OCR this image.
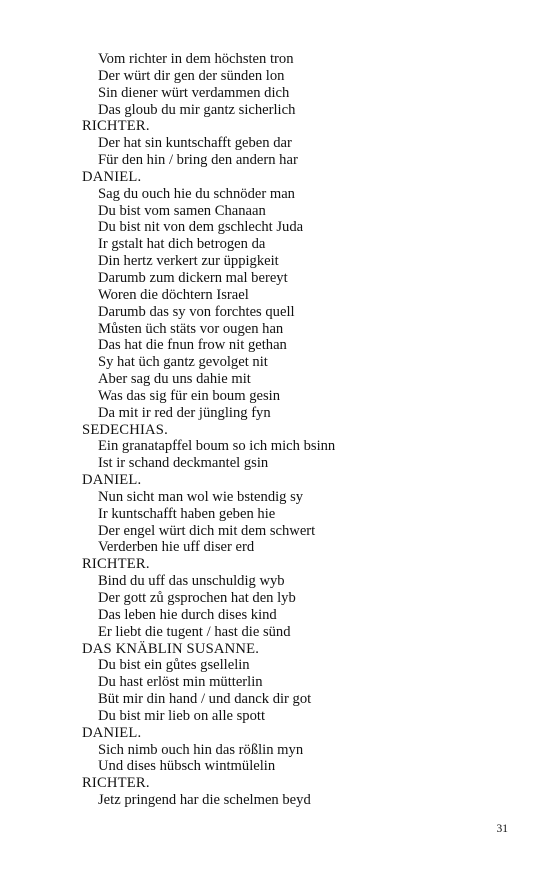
Vom richter in dem höchsten tron
Der würt dir gen der sünden lon
Sin diener würt verdammen dich
Das gloub du mir gantz sicherlich
RICHTER.
Der hat sin kuntschafft geben dar
Für den hin / bring den andern har
DANIEL.
Sag du ouch hie du schnöder man
Du bist vom samen Chanaan
Du bist nit von dem gschlecht Juda
Ir gstalt hat dich betrogen da
Din hertz verkert zur üppigkeit
Darumb zum dickern mal bereyt
Woren die döchtern Israel
Darumb das sy von forchtes quell
Můsten üch stäts vor ougen han
Das hat die fnun frow nit gethan
Sy hat üch gantz gevolget nit
Aber sag du uns dahie mit
Was das sig für ein boum gesin
Da mit ir red der jüngling fyn
SEDECHIAS.
Ein granatapffel boum so ich mich bsinn
Ist ir schand deckmantel gsin
DANIEL.
Nun sicht man wol wie bstendig sy
Ir kuntschafft haben geben hie
Der engel würt dich mit dem schwert
Verderben hie uff diser erd
RICHTER.
Bind du uff das unschuldig wyb
Der gott zů gsprochen hat den lyb
Das leben hie durch dises kind
Er liebt die tugent / hast die sünd
DAS KNÄBLIN SUSANNE.
Du bist ein gůtes gsellelin
Du hast erlöst min mütterlin
Büt mir din hand / und danck dir got
Du bist mir lieb on alle spott
DANIEL.
Sich nimb ouch hin das rößlin myn
Und dises hübsch wintmülelin
RICHTER.
Jetz pringend har die schelmen beyd
31
